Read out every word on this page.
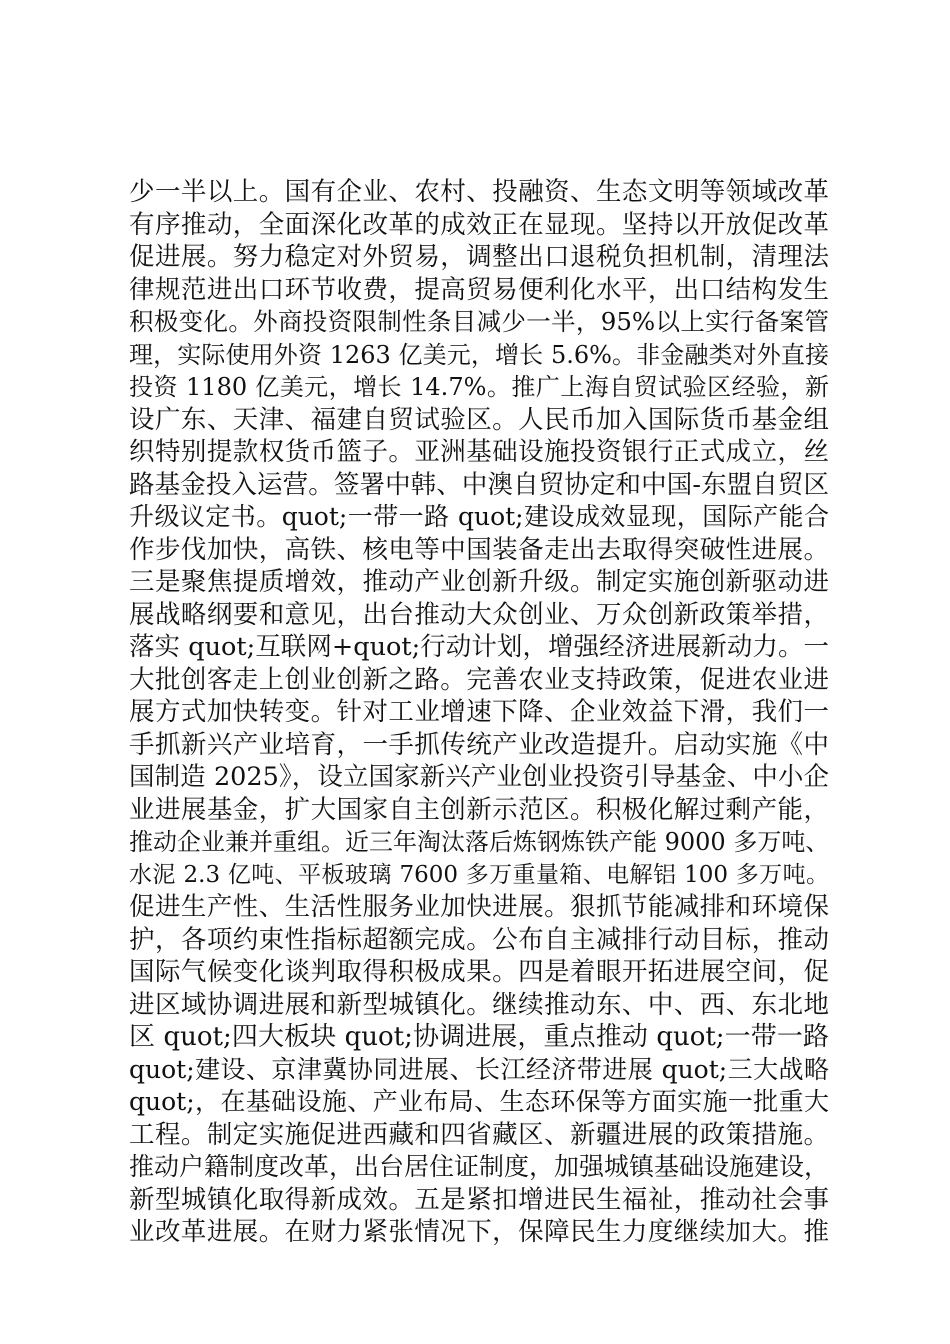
少一半以上。国有企业、农村、投融资、生态文明等领域改革
有序推动，全面深化改革的成效正在显现。坚持以开放促改革
促进展。努力稳定对外贸易，调整出口退税负担机制，清理法
律规范进出口环节收费，提高贸易便利化水平，出口结构发生
积极变化。外商投资限制性条目减少一半，95%以上实行备案管
理，实际使用外资 1263 亿美元，增长 5.6%。非金融类对外直接
投资 1180 亿美元，增长 14.7%。推广上海自贸试验区经验，新
设广东、天津、福建自贸试验区。人民币加入国际货币基金组
织特别提款权货币篮子。亚洲基础设施投资银行正式成立，丝
路基金投入运营。签署中韩、中澳自贸协定和中国-东盟自贸区
升级议定书。quot;一带一路 quot;建设成效显现，国际产能合
作步伐加快，高铁、核电等中国装备走出去取得突破性进展。
三是聚焦提质增效，推动产业创新升级。制定实施创新驱动进
展战略纲要和意见，出台推动大众创业、万众创新政策举措，
落实 quot;互联网+quot;行动计划，增强经济进展新动力。一
大批创客走上创业创新之路。完善农业支持政策，促进农业进
展方式加快转变。针对工业增速下降、企业效益下滑，我们一
手抓新兴产业培育，一手抓传统产业改造提升。启动实施《中
国制造 2025》，设立国家新兴产业创业投资引导基金、中小企
业进展基金，扩大国家自主创新示范区。积极化解过剩产能，
推动企业兼并重组。近三年淘汰落后炼钢炼铁产能 9000 多万吨、
水泥 2.3 亿吨、平板玻璃 7600 多万重量箱、电解铝 100 多万吨。
促进生产性、生活性服务业加快进展。狠抓节能减排和环境保
护，各项约束性指标超额完成。公布自主减排行动目标，推动
国际气候变化谈判取得积极成果。四是着眼开拓进展空间，促
进区域协调进展和新型城镇化。继续推动东、中、西、东北地
区 quot;四大板块 quot;协调进展，重点推动 quot;一带一路
quot;建设、京津冀协同进展、长江经济带进展 quot;三大战略
quot;，在基础设施、产业布局、生态环保等方面实施一批重大
工程。制定实施促进西藏和四省藏区、新疆进展的政策措施。
推动户籍制度改革，出台居住证制度，加强城镇基础设施建设，
新型城镇化取得新成效。五是紧扣增进民生福祉，推动社会事
业改革进展。在财力紧张情况下，保障民生力度继续加大。推
